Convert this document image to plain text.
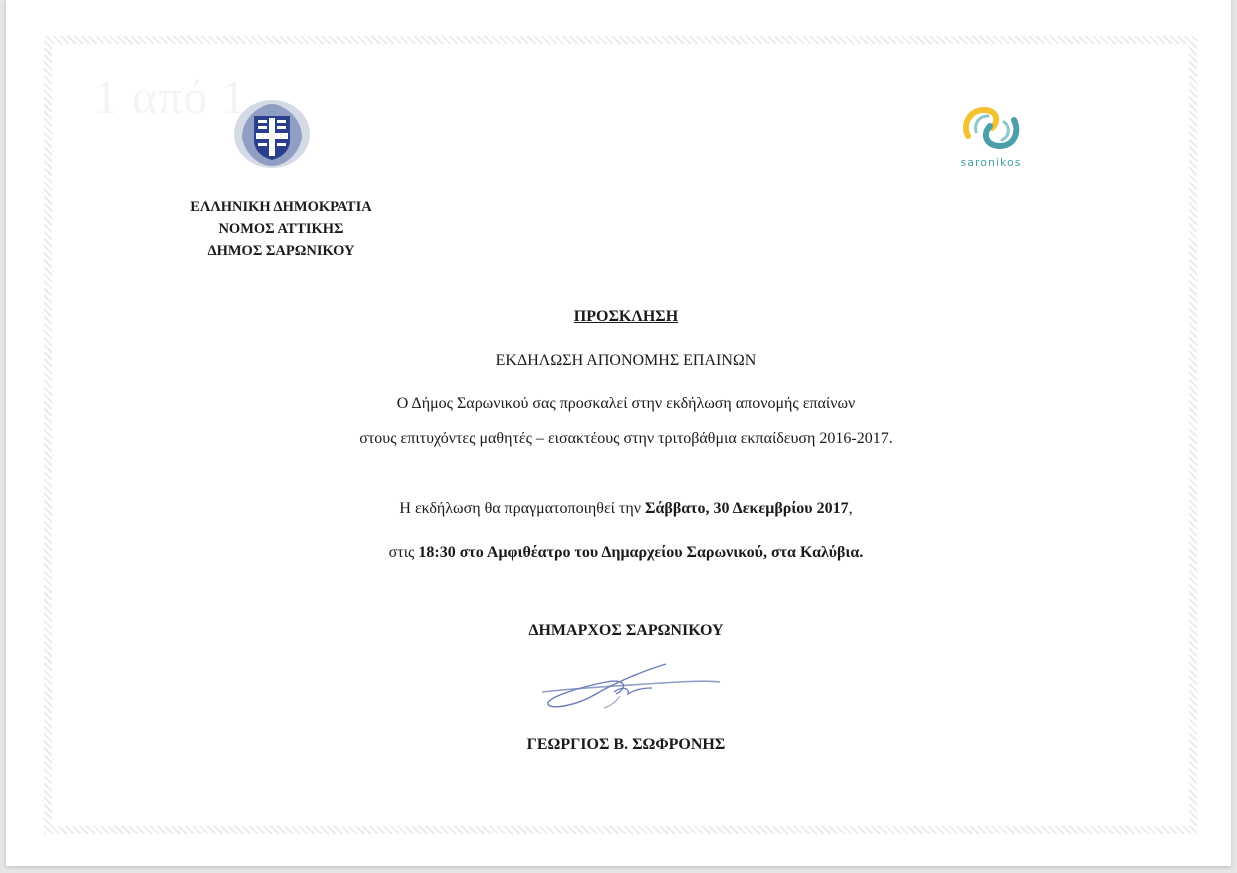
1 από 1
ΕΛΛΗΝΙΚΗ ΔΗΜΟΚΡΑΤΙΑ
ΝΟΜΟΣ ΑΤΤΙΚΗΣ
ΔΗΜΟΣ ΣΑΡΩΝΙΚΟΥ
saronikos
ΠΡΟΣΚΛΗΣΗ
ΕΚΔΗΛΩΣΗ ΑΠΟΝΟΜΗΣ ΕΠΑΙΝΩΝ
Ο Δήμος Σαρωνικού σας προσκαλεί στην εκδήλωση απονομής επαίνων
στους επιτυχόντες μαθητές – εισακτέους στην τριτοβάθμια εκπαίδευση 2016-2017.
Η εκδήλωση θα πραγματοποιηθεί την Σάββατο, 30 Δεκεμβρίου 2017,
στις 18:30 στο Αμφιθέατρο του Δημαρχείου Σαρωνικού, στα Καλύβια.
ΔΗΜΑΡΧΟΣ ΣΑΡΩΝΙΚΟΥ
ΓΕΩΡΓΙΟΣ Β. ΣΩΦΡΟΝΗΣ
